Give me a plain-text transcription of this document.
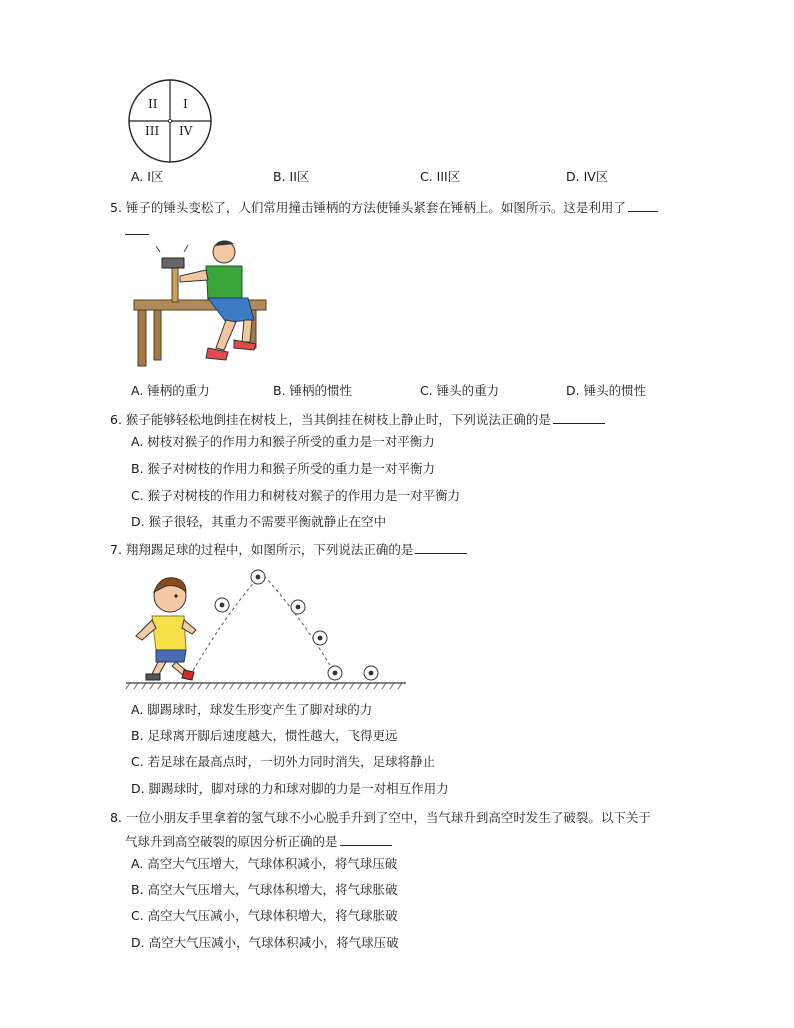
II I
III IV
A. I区	B. II区	C. III区	D. IV区
5. 锤子的锤头变松了，人们常用撞击锤柄的方法使锤头紧套在锤柄上。如图所示。这是利用了
A. 锤柄的重力	B. 锤柄的惯性	C. 锤头的重力	D. 锤头的惯性
6. 猴子能够轻松地倒挂在树枝上，当其倒挂在树枝上静止时，下列说法正确的是
A. 树枝对猴子的作用力和猴子所受的重力是一对平衡力
B. 猴子对树枝的作用力和猴子所受的重力是一对平衡力
C. 猴子对树枝的作用力和树枝对猴子的作用力是一对平衡力
D. 猴子很轻，其重力不需要平衡就静止在空中
7. 翔翔踢足球的过程中，如图所示，下列说法正确的是
A. 脚踢球时，球发生形变产生了脚对球的力
B. 足球离开脚后速度越大，惯性越大，飞得更远
C. 若足球在最高点时，一切外力同时消失，足球将静止
D. 脚踢球时，脚对球的力和球对脚的力是一对相互作用力
8. 一位小朋友手里拿着的氢气球不小心脱手升到了空中，当气球升到高空时发生了破裂。以下关于
气球升到高空破裂的原因分析正确的是
A. 高空大气压增大，气球体积减小，将气球压破
B. 高空大气压增大，气球体积增大，将气球胀破
C. 高空大气压减小，气球体积增大，将气球胀破
D. 高空大气压减小，气球体积减小，将气球压破
